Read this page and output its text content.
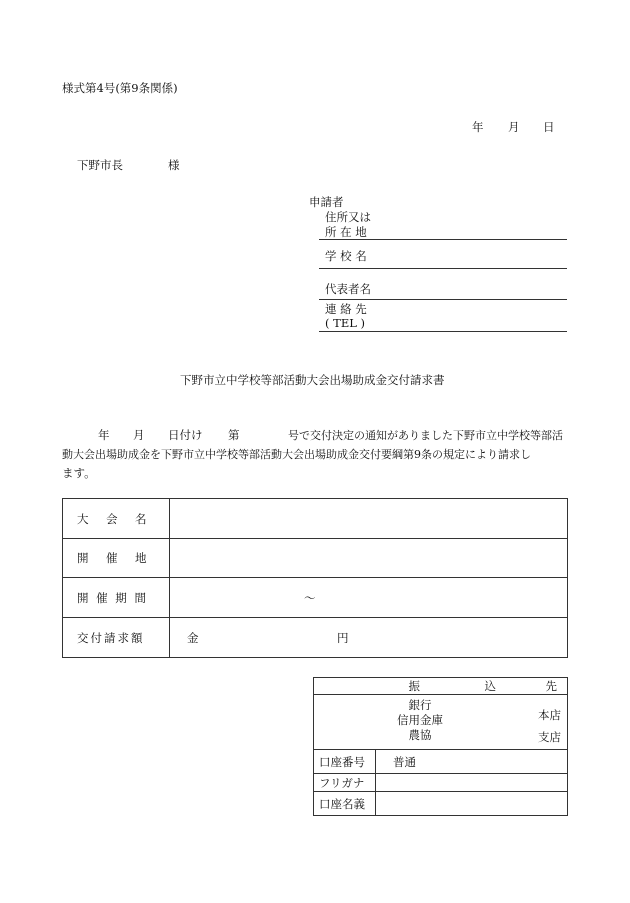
様式第4号(第9条関係)
年 月 日
下野市長	様
申請者
住所又は
所 在 地
学 校 名
代表者名
連 絡 先
( TEL )
下野市立中学校等部活動大会出場助成金交付請求書
年 月 日付け 第	号で交付決定の通知がありました下野市立中学校等部活
動大会出場助成金を下野市立中学校等部活動大会出場助成金交付要綱第9条の規定により請求し
ます。
大　会　名	
開　催　地	
開 催 期 間	～
交付請求額	金 円
振 込 先	

銀行
信用金庫
農協
本店
支店	

口座番号	普通
フリガナ	
口座名義	
